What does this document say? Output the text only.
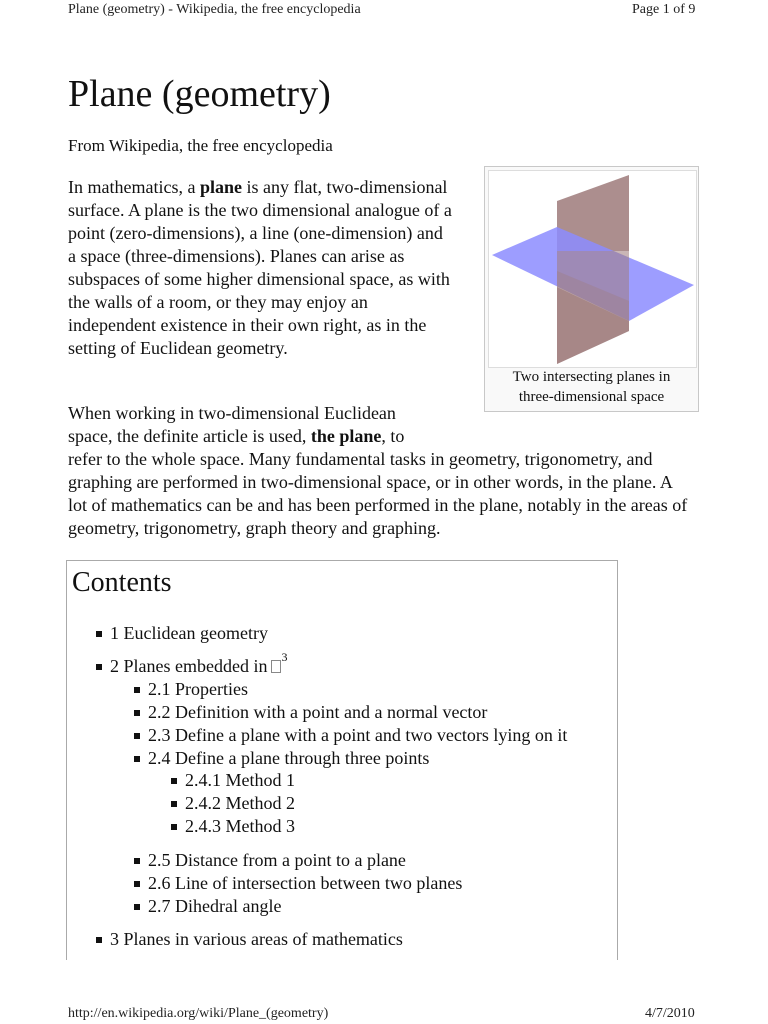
Plane (geometry) - Wikipedia, the free encyclopedia	Page 1 of 9
Plane (geometry)
From Wikipedia, the free encyclopedia

In mathematics, a plane is any flat, two-dimensional surface. A plane is the two dimensional analogue of a point (zero-dimensions), a line (one-dimension) and a space (three-dimensions). Planes can arise as subspaces of some higher dimensional space, as with the walls of a room, or they may enjoy an independent existence in their own right, as in the setting of Euclidean geometry.

Two intersecting planes in
three-dimensional space

When working in two-dimensional Euclidean space, the definite article is used, the plane, to refer to the whole space. Many fundamental tasks in geometry, trigonometry, and graphing are performed in two-dimensional space, or in other words, in the plane. A lot of mathematics can be and has been performed in the plane, notably in the areas of geometry, trigonometry, graph theory and graphing.

Contents
1 Euclidean geometry
2 Planes embedded in $^3$
2.1 Properties
2.2 Definition with a point and a normal vector
2.3 Define a plane with a point and two vectors lying on it
2.4 Define a plane through three points
2.4.1 Method 1
2.4.2 Method 2
2.4.3 Method 3
2.5 Distance from a point to a plane
2.6 Line of intersection between two planes
2.7 Dihedral angle
3 Planes in various areas of mathematics
http://en.wikipedia.org/wiki/Plane_(geometry)	4/7/2010
